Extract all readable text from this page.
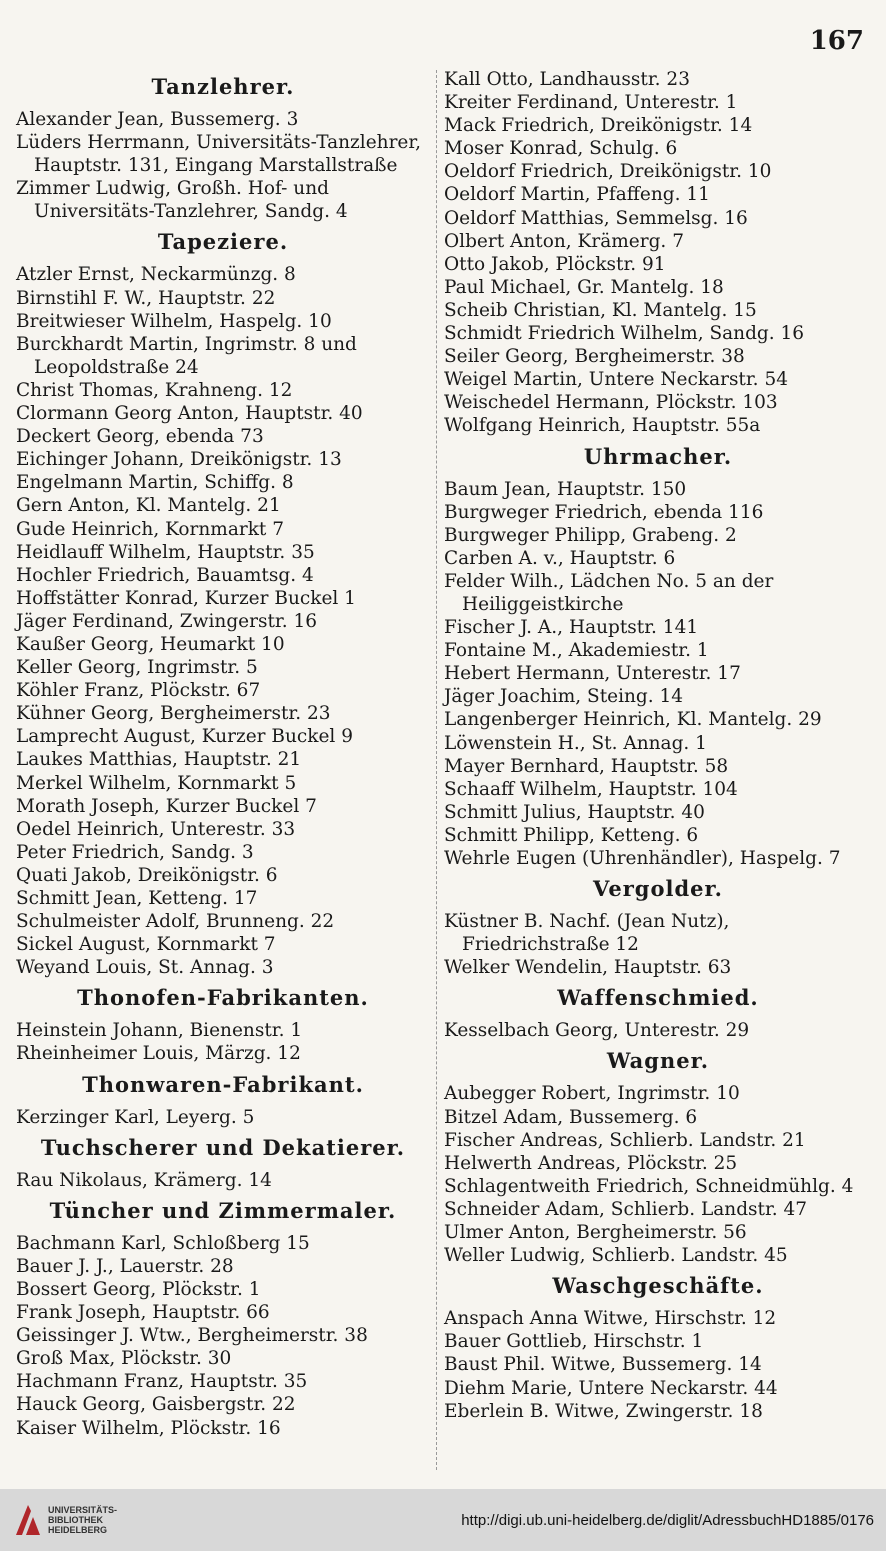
167
Tanzlehrer.
Alexander Jean, Bussemerg. 3
Lüders Herrmann, Universitäts-Tanzlehrer, Hauptstr. 131, Eingang Marstallstraße
Zimmer Ludwig, Großh. Hof- und Universitäts-Tanzlehrer, Sandg. 4
Tapeziere.
Atzler Ernst, Neckarmünzg. 8
Birnstihl F. W., Hauptstr. 22
Breitwieser Wilhelm, Haspelg. 10
Burckhardt Martin, Ingrimstr. 8 und Leopoldstraße 24
Christ Thomas, Krahneng. 12
Clormann Georg Anton, Hauptstr. 40
Deckert Georg, ebenda 73
Eichinger Johann, Dreikönigstr. 13
Engelmann Martin, Schiffg. 8
Gern Anton, Kl. Mantelg. 21
Gude Heinrich, Kornmarkt 7
Heidlauff Wilhelm, Hauptstr. 35
Hochler Friedrich, Bauamtsg. 4
Hoffstätter Konrad, Kurzer Buckel 1
Jäger Ferdinand, Zwingerstr. 16
Kaußer Georg, Heumarkt 10
Keller Georg, Ingrimstr. 5
Köhler Franz, Plöckstr. 67
Kühner Georg, Bergheimerstr. 23
Lamprecht August, Kurzer Buckel 9
Laukes Matthias, Hauptstr. 21
Merkel Wilhelm, Kornmarkt 5
Morath Joseph, Kurzer Buckel 7
Oedel Heinrich, Unterestr. 33
Peter Friedrich, Sandg. 3
Quati Jakob, Dreikönigstr. 6
Schmitt Jean, Ketteng. 17
Schulmeister Adolf, Brunneng. 22
Sickel August, Kornmarkt 7
Weyand Louis, St. Annag. 3
Thonofen-Fabrikanten.
Heinstein Johann, Bienenstr. 1
Rheinheimer Louis, Märzg. 12
Thonwaren-Fabrikant.
Kerzinger Karl, Leyerg. 5
Tuchscherer und Dekatierer.
Rau Nikolaus, Krämerg. 14
Tüncher und Zimmermaler.
Bachmann Karl, Schloßberg 15
Bauer J. J., Lauerstr. 28
Bossert Georg, Plöckstr. 1
Frank Joseph, Hauptstr. 66
Geissinger J. Wtw., Bergheimerstr. 38
Groß Max, Plöckstr. 30
Hachmann Franz, Hauptstr. 35
Hauck Georg, Gaisbergstr. 22
Kaiser Wilhelm, Plöckstr. 16
Kall Otto, Landhausstr. 23
Kreiter Ferdinand, Unterestr. 1
Mack Friedrich, Dreikönigstr. 14
Moser Konrad, Schulg. 6
Oeldorf Friedrich, Dreikönigstr. 10
Oeldorf Martin, Pfaffeng. 11
Oeldorf Matthias, Semmelsg. 16
Olbert Anton, Krämerg. 7
Otto Jakob, Plöckstr. 91
Paul Michael, Gr. Mantelg. 18
Scheib Christian, Kl. Mantelg. 15
Schmidt Friedrich Wilhelm, Sandg. 16
Seiler Georg, Bergheimerstr. 38
Weigel Martin, Untere Neckarstr. 54
Weischedel Hermann, Plöckstr. 103
Wolfgang Heinrich, Hauptstr. 55a
Uhrmacher.
Baum Jean, Hauptstr. 150
Burgweger Friedrich, ebenda 116
Burgweger Philipp, Grabeng. 2
Carben A. v., Hauptstr. 6
Felder Wilh., Lädchen No. 5 an der Heiliggeistkirche
Fischer J. A., Hauptstr. 141
Fontaine M., Akademiestr. 1
Hebert Hermann, Unterestr. 17
Jäger Joachim, Steing. 14
Langenberger Heinrich, Kl. Mantelg. 29
Löwenstein H., St. Annag. 1
Mayer Bernhard, Hauptstr. 58
Schaaff Wilhelm, Hauptstr. 104
Schmitt Julius, Hauptstr. 40
Schmitt Philipp, Ketteng. 6
Wehrle Eugen (Uhrenhändler), Haspelg. 7
Vergolder.
Küstner B. Nachf. (Jean Nutz), Friedrichstraße 12
Welker Wendelin, Hauptstr. 63
Waffenschmied.
Kesselbach Georg, Unterestr. 29
Wagner.
Aubegger Robert, Ingrimstr. 10
Bitzel Adam, Bussemerg. 6
Fischer Andreas, Schlierb. Landstr. 21
Helwerth Andreas, Plöckstr. 25
Schlagentweith Friedrich, Schneidmühlg. 4
Schneider Adam, Schlierb. Landstr. 47
Ulmer Anton, Bergheimerstr. 56
Weller Ludwig, Schlierb. Landstr. 45
Waschgeschäfte.
Anspach Anna Witwe, Hirschstr. 12
Bauer Gottlieb, Hirschstr. 1
Baust Phil. Witwe, Bussemerg. 14
Diehm Marie, Untere Neckarstr. 44
Eberlein B. Witwe, Zwingerstr. 18
UNIVERSITÄTS-
BIBLIOTHEK
HEIDELBERG
http://digi.ub.uni-heidelberg.de/diglit/AdressbuchHD1885/0176
